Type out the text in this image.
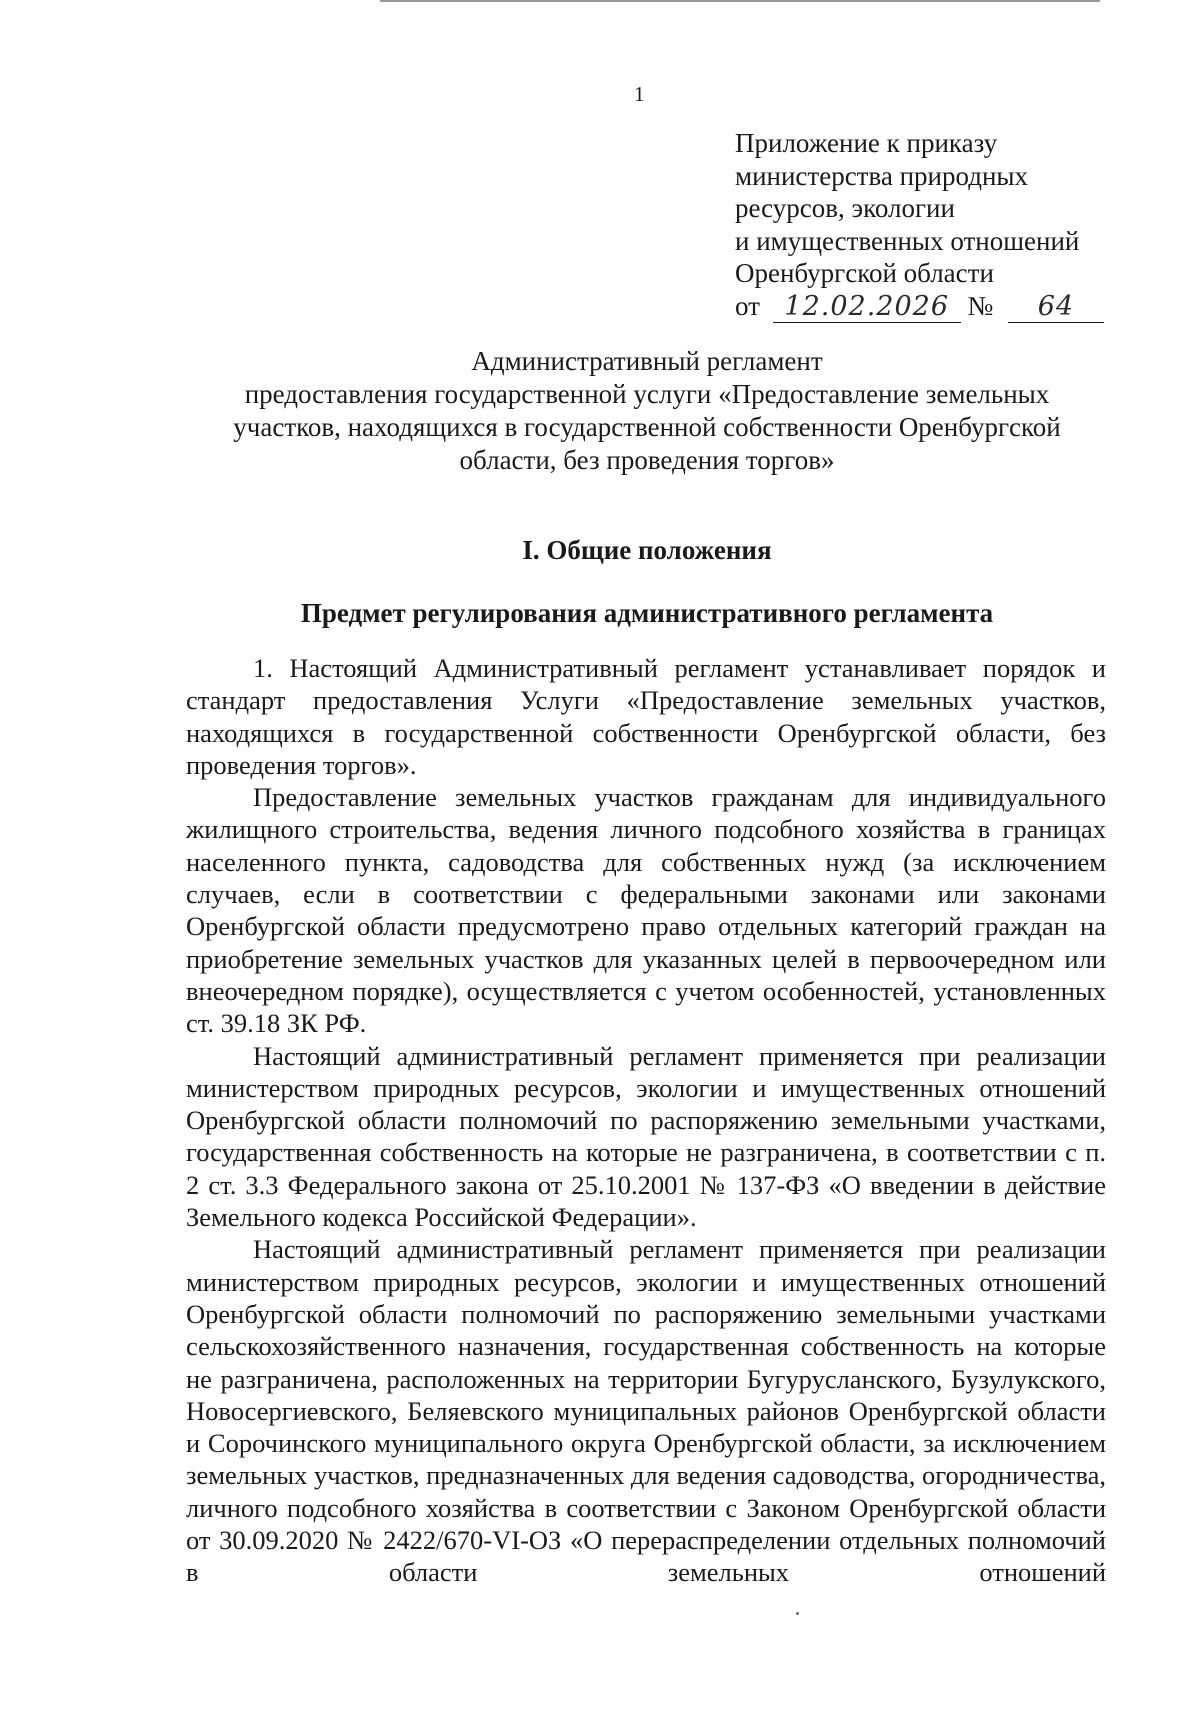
1
Приложение к приказу
министерства природных
ресурсов, экологии
и имущественных отношений
Оренбургской области
от 12.02.2026 № 64
Административный регламент
предоставления государственной услуги «Предоставление земельных
участков, находящихся в государственной собственности Оренбургской
области, без проведения торгов»
I. Общие положения
Предмет регулирования административного регламента

1. Настоящий Административный регламент устанавливает порядок и стандарт предоставления Услуги «Предоставление земельных участков, находящихся в государственной собственности Оренбургской области, без проведения торгов».

Предоставление земельных участков гражданам для индивидуального жилищного строительства, ведения личного подсобного хозяйства в границах населенного пункта, садоводства для собственных нужд (за исключением случаев, если в соответствии с федеральными законами или законами Оренбургской области предусмотрено право отдельных категорий граждан на приобретение земельных участков для указанных целей в первоочередном или внеочередном порядке), осуществляется с учетом особенностей, установленных ст. 39.18 ЗК РФ.

Настоящий административный регламент применяется при реализации министерством природных ресурсов, экологии и имущественных отношений Оренбургской области полномочий по распоряжению земельными участками, государственная собственность на которые не разграничена, в соответствии с п. 2 ст. 3.3 Федерального закона от 25.10.2001 № 137-ФЗ «О введении в действие Земельного кодекса Российской Федерации».

Настоящий административный регламент применяется при реализации министерством природных ресурсов, экологии и имущественных отношений Оренбургской области полномочий по распоряжению земельными участками сельскохозяйственного назначения, государственная собственность на которые не разграничена, расположенных на территории Бугурусланского, Бузулукского, Новосергиевского, Беляевского муниципальных районов Оренбургской области и Сорочинского муниципального округа Оренбургской области, за исключением земельных участков, предназначенных для ведения садоводства, огородничества, личного подсобного хозяйства в соответствии с Законом Оренбургской области от 30.09.2020 № 2422/670-VI-ОЗ «О перераспределении отдельных полномочий в области земельных отношений
